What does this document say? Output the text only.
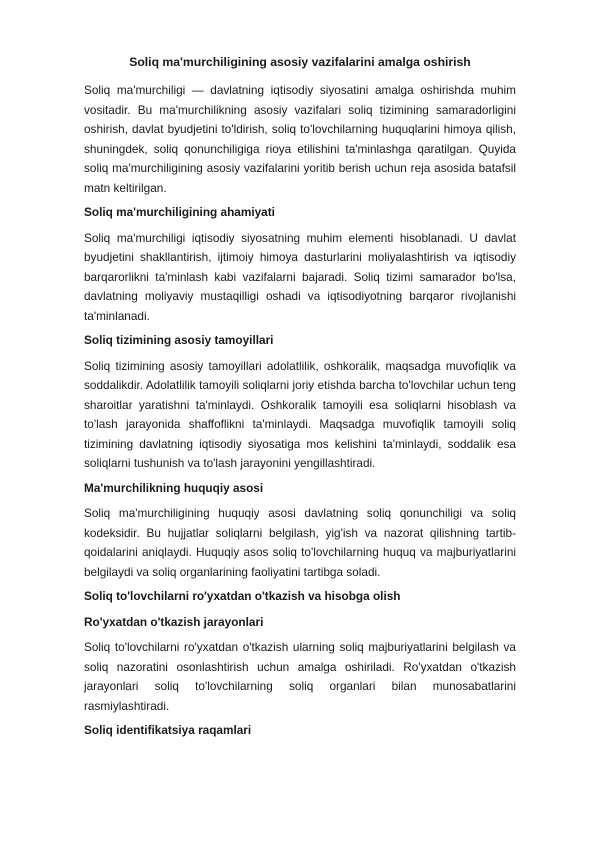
Soliq ma'murchiligining asosiy vazifalarini amalga oshirish

Soliq ma'murchiligi — davlatning iqtisodiy siyosatini amalga oshirishda muhim vositadir. Bu ma'murchilikning asosiy vazifalari soliq tizimining samaradorligini oshirish, davlat byudjetini to'ldirish, soliq to'lovchilarning huquqlarini himoya qilish, shuningdek, soliq qonunchiligiga rioya etilishini ta'minlashga qaratilgan. Quyida soliq ma'murchiligining asosiy vazifalarini yoritib berish uchun reja asosida batafsil matn keltirilgan.

Soliq ma'murchiligining ahamiyati

Soliq ma'murchiligi iqtisodiy siyosatning muhim elementi hisoblanadi. U davlat byudjetini shakllantirish, ijtimoiy himoya dasturlarini moliyalashtirish va iqtisodiy barqarorlikni ta'minlash kabi vazifalarni bajaradi. Soliq tizimi samarador bo'lsa, davlatning moliyaviy mustaqilligi oshadi va iqtisodiyotning barqaror rivojlanishi ta'minlanadi.

Soliq tizimining asosiy tamoyillari

Soliq tizimining asosiy tamoyillari adolatlilik, oshkoralik, maqsadga muvofiqlik va soddalikdir. Adolatlilik tamoyili soliqlarni joriy etishda barcha to'lovchilar uchun teng sharoitlar yaratishni ta'minlaydi. Oshkoralik tamoyili esa soliqlarni hisoblash va to'lash jarayonida shaffoflikni ta'minlaydi. Maqsadga muvofiqlik tamoyili soliq tizimining davlatning iqtisodiy siyosatiga mos kelishini ta'minlaydi, soddalik esa soliqlarni tushunish va to'lash jarayonini yengillashtiradi.

Ma'murchilikning huquqiy asosi

Soliq ma'murchiligining huquqiy asosi davlatning soliq qonunchiligi va soliq kodeksidir. Bu hujjatlar soliqlarni belgilash, yig'ish va nazorat qilishning tartib-qoidalarini aniqlaydi. Huquqiy asos soliq to'lovchilarning huquq va majburiyatlarini belgilaydi va soliq organlarining faoliyatini tartibga soladi.

Soliq to'lovchilarni ro'yxatdan o'tkazish va hisobga olish
Ro'yxatdan o'tkazish jarayonlari

Soliq to'lovchilarni ro'yxatdan o'tkazish ularning soliq majburiyatlarini belgilash va soliq nazoratini osonlashtirish uchun amalga oshiriladi. Ro'yxatdan o'tkazish jarayonlari soliq to'lovchilarning soliq organlari bilan munosabatlarini rasmiylashtiradi.

Soliq identifikatsiya raqamlari
